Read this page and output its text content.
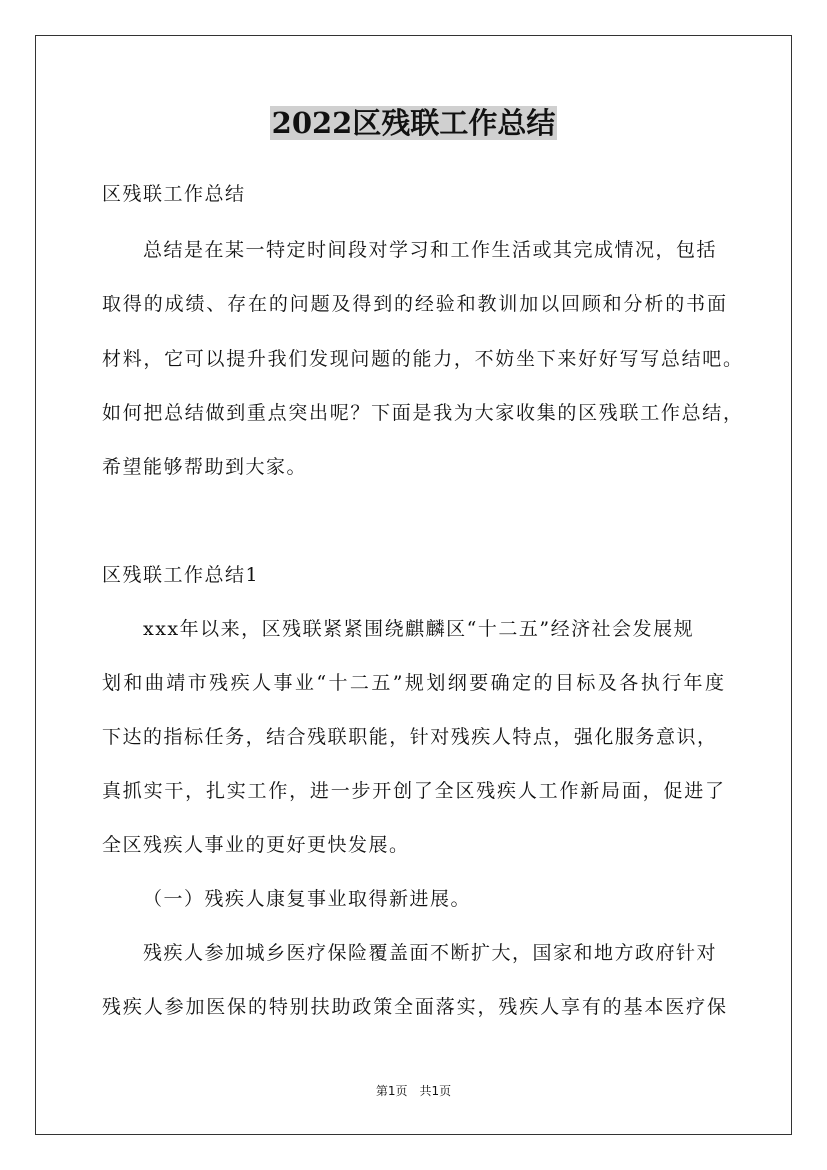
2022区残联工作总结

区残联工作总结

总结是在某一特定时间段对学习和工作生活或其完成情况，包括

取得的成绩、存在的问题及得到的经验和教训加以回顾和分析的书面

材料，它可以提升我们发现问题的能力，不妨坐下来好好写写总结吧。

如何把总结做到重点突出呢？下面是我为大家收集的区残联工作总结，

希望能够帮助到大家。

区残联工作总结1

xxx年以来，区残联紧紧围绕麒麟区“十二五”经济社会发展规

划和曲靖市残疾人事业“十二五”规划纲要确定的目标及各执行年度

下达的指标任务，结合残联职能，针对残疾人特点，强化服务意识，

真抓实干，扎实工作，进一步开创了全区残疾人工作新局面，促进了

全区残疾人事业的更好更快发展。

（一）残疾人康复事业取得新进展。

残疾人参加城乡医疗保险覆盖面不断扩大，国家和地方政府针对

残疾人参加医保的特别扶助政策全面落实，残疾人享有的基本医疗保

第1页　共1页
